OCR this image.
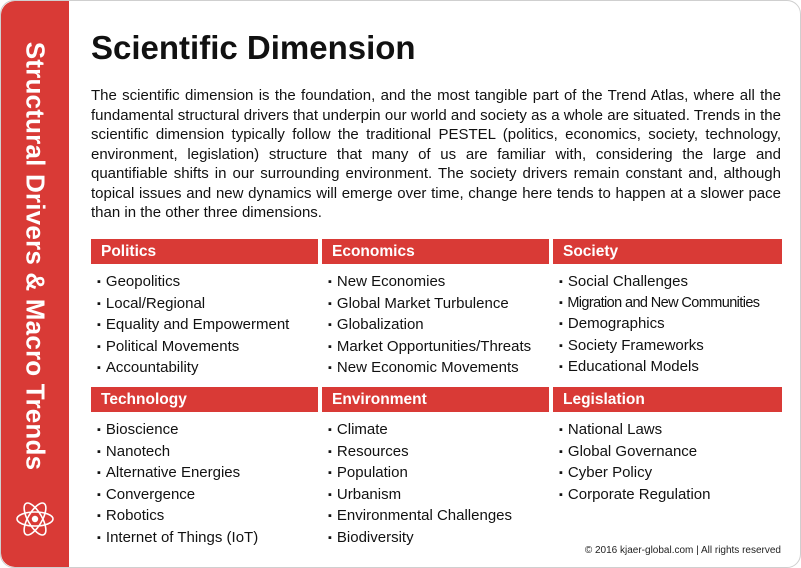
Structural Drivers & Macro Trends Scientific Dimension

The scientific dimension is the foundation, and the most tangible part of the Trend Atlas, where all the fundamental structural drivers that underpin our world and society as a whole are situated. Trends in the scientific dimension typically follow the traditional PESTEL (politics, economics, society, technology, environment, legislation) structure that many of us are familiar with, considering the large and quantifiable shifts in our surrounding environment. The society drivers remain constant and, although topical issues and new dynamics will emerge over time, change here tends to happen at a slower pace than in the other three dimensions.

Politics
▪ Geopolitics
▪ Local/Regional
▪ Equality and Empowerment
▪ Political Movements
▪ Accountability
Economics
▪ New Economies
▪ Global Market Turbulence
▪ Globalization
▪ Market Opportunities/Threats
▪ New Economic Movements
Society
▪ Social Challenges
▪ Migration and New Communities
▪ Demographics
▪ Society Frameworks
▪ Educational Models
Technology
▪ Bioscience
▪ Nanotech
▪ Alternative Energies
▪ Convergence
▪ Robotics
▪ Internet of Things (IoT)
Environment
▪ Climate
▪ Resources
▪ Population
▪ Urbanism
▪ Environmental Challenges
▪ Biodiversity
Legislation
▪ National Laws
▪ Global Governance
▪ Cyber Policy
▪ Corporate Regulation
© 2016 kjaer-global.com | All rights reserved
